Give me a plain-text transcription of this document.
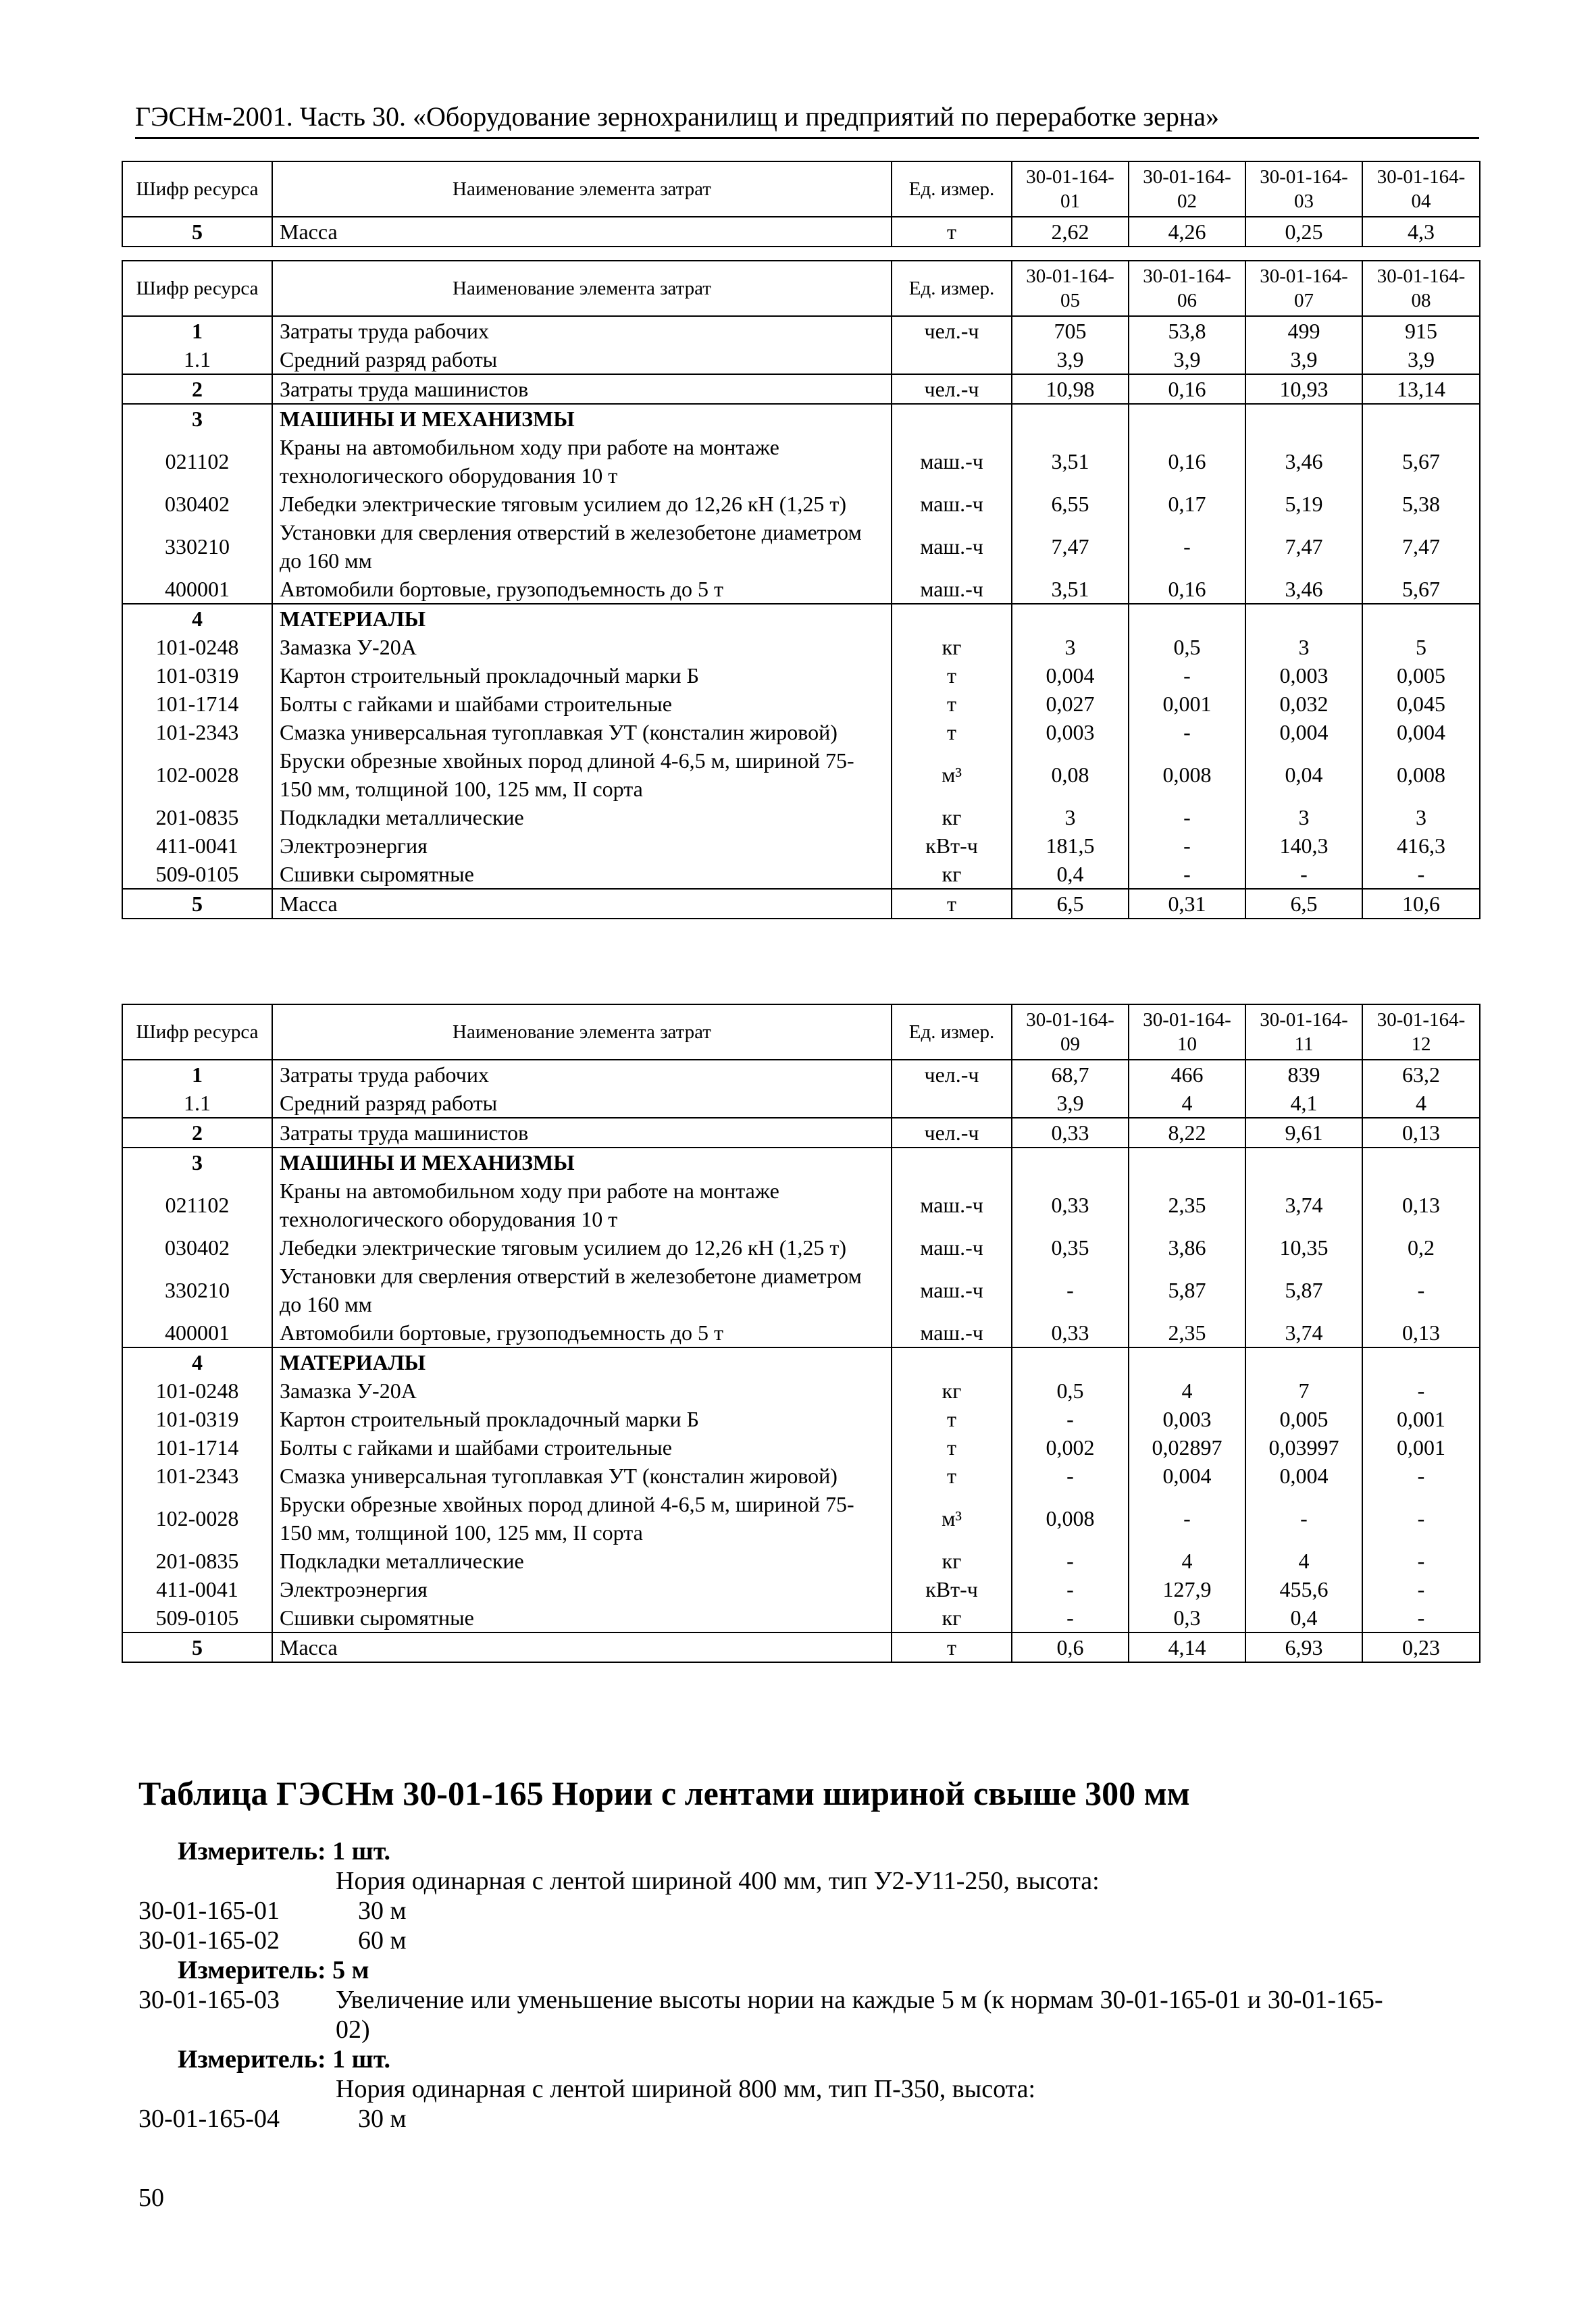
ГЭСНм-2001. Часть 30. «Оборудование зернохранилищ и предприятий по переработке зерна»
Шифр ресурса	Наименование элемента затрат	Ед. измер.	30-01-164-01	30-01-164-02	30-01-164-03	30-01-164-04
5	Масса	т	2,62	4,26	0,25	4,3
Шифр ресурса	Наименование элемента затрат	Ед. измер.	30-01-164-05	30-01-164-06	30-01-164-07	30-01-164-08
1	Затраты труда рабочих	чел.-ч	705	53,8	499	915
1.1	Средний разряд работы		3,9	3,9	3,9	3,9
2	Затраты труда машинистов	чел.-ч	10,98	0,16	10,93	13,14
3	МАШИНЫ И МЕХАНИЗМЫ					
021102	Краны на автомобильном ходу при работе на монтаже технологического оборудования 10 т	маш.-ч	3,51	0,16	3,46	5,67
030402	Лебедки электрические тяговым усилием до 12,26 кН (1,25 т)	маш.-ч	6,55	0,17	5,19	5,38
330210	Установки для сверления отверстий в железобетоне диаметром до 160 мм	маш.-ч	7,47	-	7,47	7,47
400001	Автомобили бортовые, грузоподъемность до 5 т	маш.-ч	3,51	0,16	3,46	5,67
4	МАТЕРИАЛЫ					
101-0248	Замазка У-20А	кг	3	0,5	3	5
101-0319	Картон строительный прокладочный марки Б	т	0,004	-	0,003	0,005
101-1714	Болты с гайками и шайбами строительные	т	0,027	0,001	0,032	0,045
101-2343	Смазка универсальная тугоплавкая УТ (консталин жировой)	т	0,003	-	0,004	0,004
102-0028	Бруски обрезные хвойных пород длиной 4-6,5 м, шириной 75-150 мм, толщиной 100, 125 мм, II сорта	м³	0,08	0,008	0,04	0,008
201-0835	Подкладки металлические	кг	3	-	3	3
411-0041	Электроэнергия	кВт-ч	181,5	-	140,3	416,3
509-0105	Сшивки сыромятные	кг	0,4	-	-	-
5	Масса	т	6,5	0,31	6,5	10,6
Шифр ресурса	Наименование элемента затрат	Ед. измер.	30-01-164-09	30-01-164-10	30-01-164-11	30-01-164-12
1	Затраты труда рабочих	чел.-ч	68,7	466	839	63,2
1.1	Средний разряд работы		3,9	4	4,1	4
2	Затраты труда машинистов	чел.-ч	0,33	8,22	9,61	0,13
3	МАШИНЫ И МЕХАНИЗМЫ					
021102	Краны на автомобильном ходу при работе на монтаже технологического оборудования 10 т	маш.-ч	0,33	2,35	3,74	0,13
030402	Лебедки электрические тяговым усилием до 12,26 кН (1,25 т)	маш.-ч	0,35	3,86	10,35	0,2
330210	Установки для сверления отверстий в железобетоне диаметром до 160 мм	маш.-ч	-	5,87	5,87	-
400001	Автомобили бортовые, грузоподъемность до 5 т	маш.-ч	0,33	2,35	3,74	0,13
4	МАТЕРИАЛЫ					
101-0248	Замазка У-20А	кг	0,5	4	7	-
101-0319	Картон строительный прокладочный марки Б	т	-	0,003	0,005	0,001
101-1714	Болты с гайками и шайбами строительные	т	0,002	0,02897	0,03997	0,001
101-2343	Смазка универсальная тугоплавкая УТ (консталин жировой)	т	-	0,004	0,004	-
102-0028	Бруски обрезные хвойных пород длиной 4-6,5 м, шириной 75-150 мм, толщиной 100, 125 мм, II сорта	м³	0,008	-	-	-
201-0835	Подкладки металлические	кг	-	4	4	-
411-0041	Электроэнергия	кВт-ч	-	127,9	455,6	-
509-0105	Сшивки сыромятные	кг	-	0,3	0,4	-
5	Масса	т	0,6	4,14	6,93	0,23
Таблица ГЭСНм 30-01-165 Нории с лентами шириной свыше 300 мм
Измеритель: 1 шт.
Нория одинарная с лентой шириной 400 мм, тип У2-У11-250, высота:
30-01-165-01	30 м
30-01-165-02	60 м
Измеритель: 5 м
30-01-165-03 Увеличение или уменьшение высоты нории на каждые 5 м (к нормам 30-01-165-01 и 30-01-165-
02)
Измеритель: 1 шт.
Нория одинарная с лентой шириной 800 мм, тип П-350, высота:
30-01-165-04	30 м
50
